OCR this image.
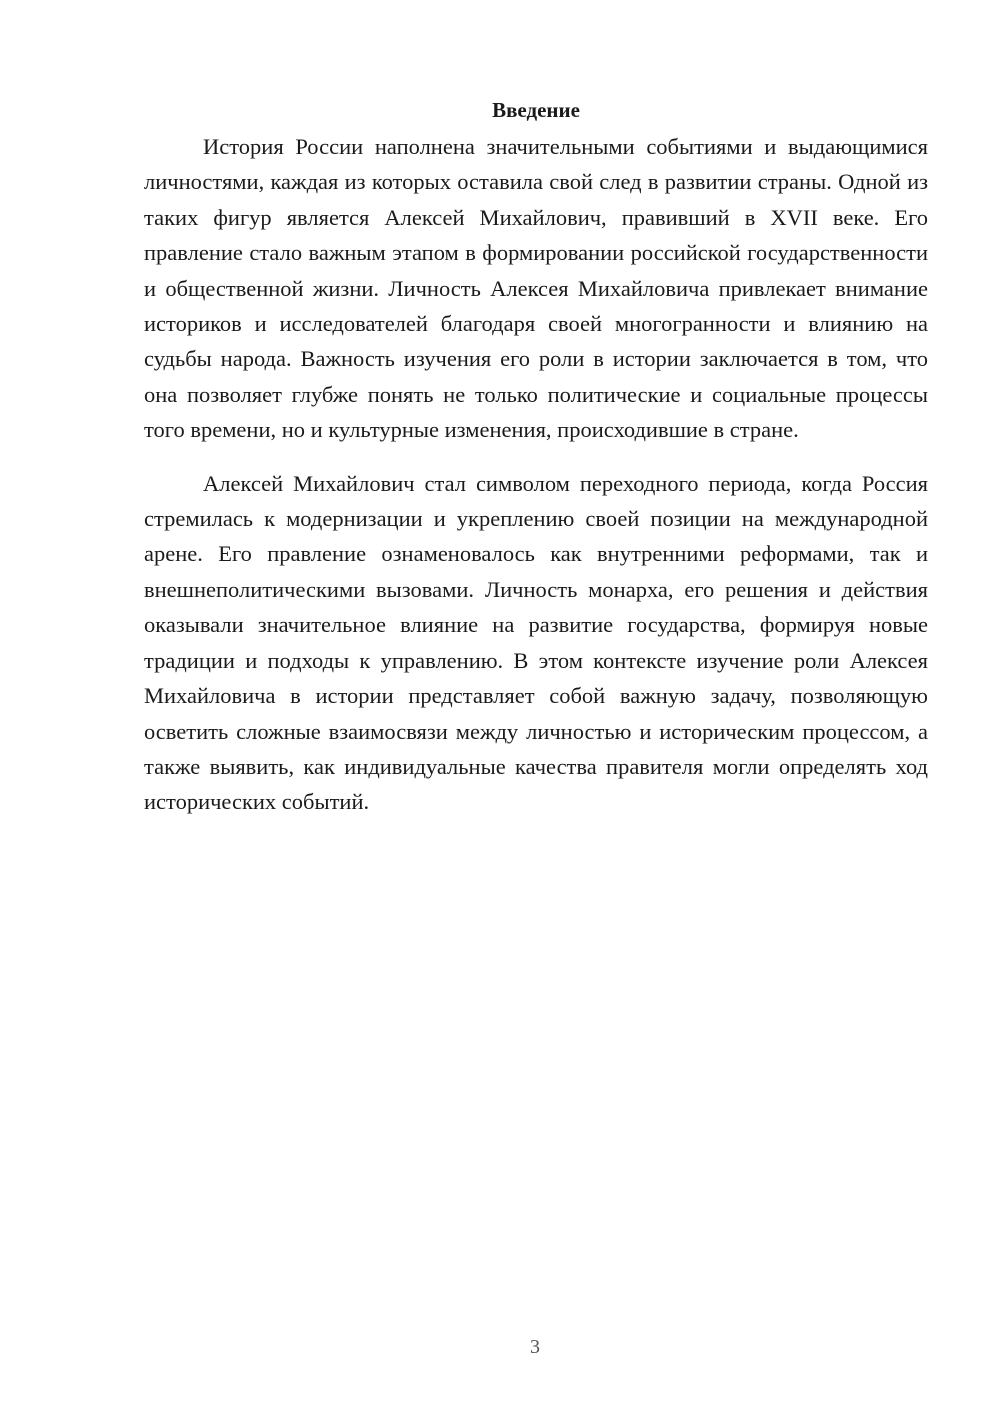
Введение

История России наполнена значительными событиями и выдающимися личностями, каждая из которых оставила свой след в развитии страны. Одной из таких фигур является Алексей Михайлович, правивший в XVII веке. Его правление стало важным этапом в формировании российской государственности и общественной жизни. Личность Алексея Михайловича привлекает внимание историков и исследователей благодаря своей многогранности и влиянию на судьбы народа. Важность изучения его роли в истории заключается в том, что она позволяет глубже понять не только политические и социальные процессы того времени, но и культурные изменения, происходившие в стране.

Алексей Михайлович стал символом переходного периода, когда Россия стремилась к модернизации и укреплению своей позиции на международной арене. Его правление ознаменовалось как внутренними реформами, так и внешнеполитическими вызовами. Личность монарха, его решения и действия оказывали значительное влияние на развитие государства, формируя новые традиции и подходы к управлению. В этом контексте изучение роли Алексея Михайловича в истории представляет собой важную задачу, позволяющую осветить сложные взаимосвязи между личностью и историческим процессом, а также выявить, как индивидуальные качества правителя могли определять ход исторических событий.

3
